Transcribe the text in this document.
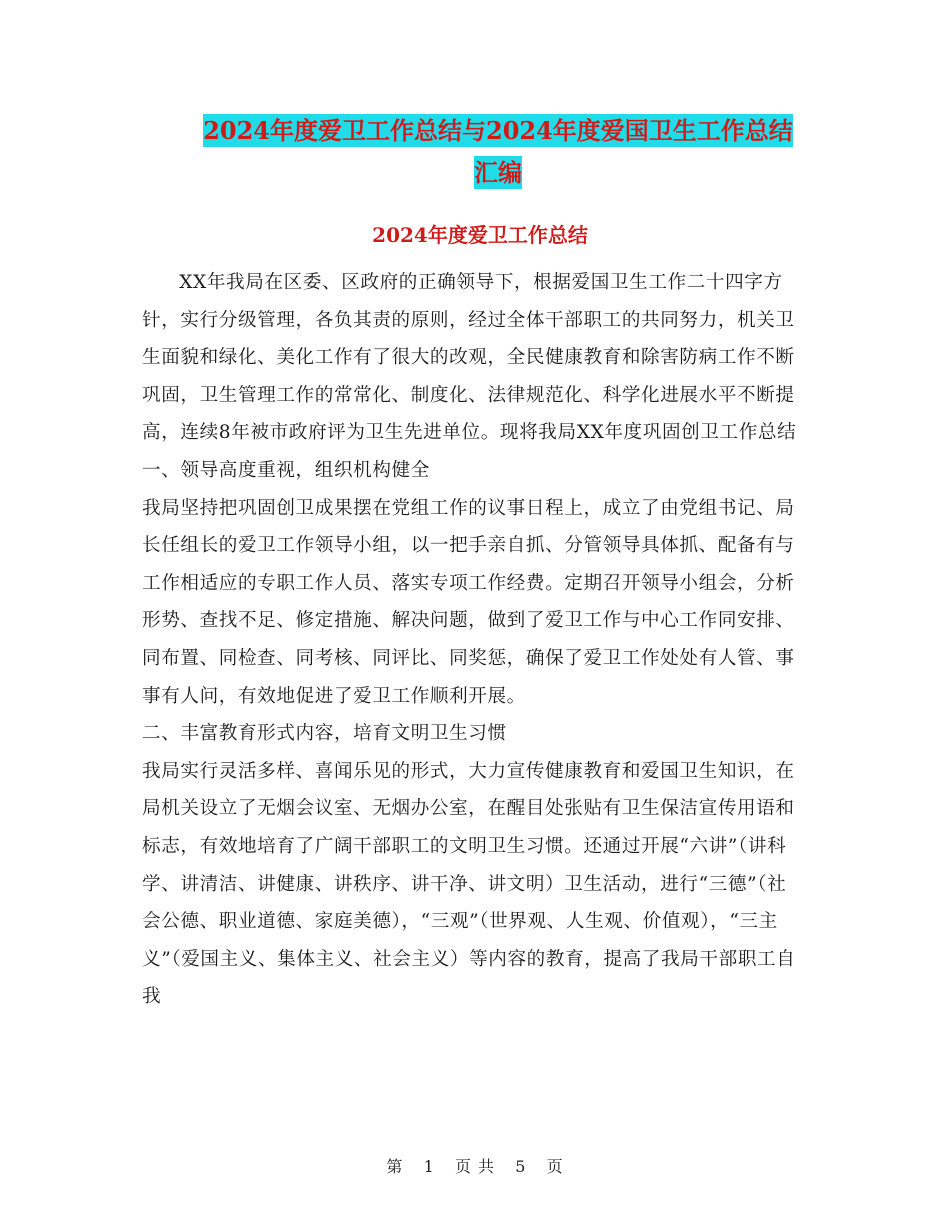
2024年度爱卫工作总结与2024年度爱国卫生工作总结
汇编
2024年度爱卫工作总结

XX年我局在区委、区政府的正确领导下，根据爱国卫生工作二十四字方针，实行分级管理，各负其责的原则，经过全体干部职工的共同努力，机关卫生面貌和绿化、美化工作有了很大的改观，全民健康教育和除害防病工作不断巩固，卫生管理工作的常常化、制度化、法律规范化、科学化进展水平不断提高，连续8年被市政府评为卫生先进单位。现将我局XX年度巩固创卫工作总结

一、领导高度重视，组织机构健全

我局坚持把巩固创卫成果摆在党组工作的议事日程上，成立了由党组书记、局长任组长的爱卫工作领导小组，以一把手亲自抓、分管领导具体抓、配备有与工作相适应的专职工作人员、落实专项工作经费。定期召开领导小组会，分析形势、查找不足、修定措施、解决问题，做到了爱卫工作与中心工作同安排、同布置、同检查、同考核、同评比、同奖惩，确保了爱卫工作处处有人管、事事有人问，有效地促进了爱卫工作顺利开展。

二、丰富教育形式内容，培育文明卫生习惯

我局实行灵活多样、喜闻乐见的形式，大力宣传健康教育和爱国卫生知识，在局机关设立了无烟会议室、无烟办公室，在醒目处张贴有卫生保洁宣传用语和标志，有效地培育了广阔干部职工的文明卫生习惯。还通过开展“六讲”（讲科学、讲清洁、讲健康、讲秩序、讲干净、讲文明）卫生活动，进行“三德”（社会公德、职业道德、家庭美德），“三观”（世界观、人生观、价值观），“三主义”（爱国主义、集体主义、社会主义）等内容的教育，提高了我局干部职工自我

第 1 页 共 5 页
